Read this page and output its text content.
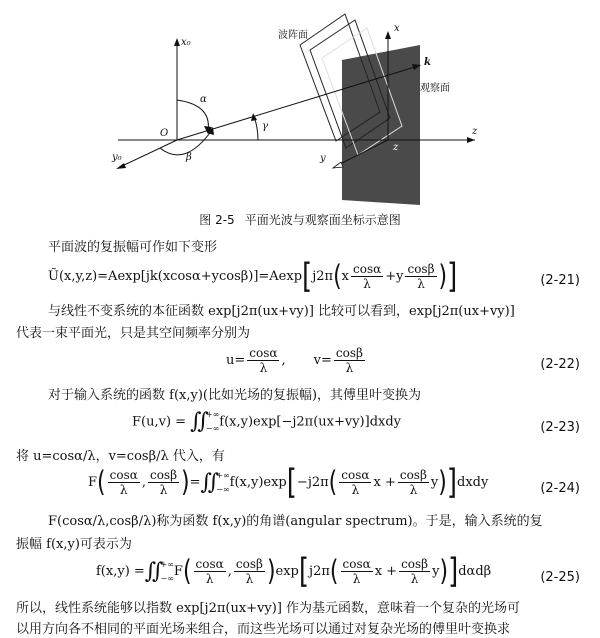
x₀
x
y₀	y
z
z
O
α
β
γ
k
波阵面
观察面
图 2-5 平面光波与观察面坐标示意图
平面波的复振幅可作如下变形
Ũ(x,y,z)=Aexp[jk(xcosα+ycosβ)]=Aexp[j2π(x $\frac{\cos\alpha}{\lambda} +y \frac{\cos\beta}{\lambda}$ )]	(2-21)
与线性不变系统的本征函数 exp[j2π(ux+vy)] 比较可以看到，exp[j2π(ux+vy)]
代表一束平面光，只是其空间频率分别为
$u= \frac{\cos\alpha}{\lambda}$ , $v= \frac{\cos\beta}{\lambda}$	(2-22)
对于输入系统的函数 f(x,y)(比如光场的复振幅)，其傅里叶变换为
F(u,v) = ∬
+∞
−∞ f(x,y)exp[−j2π(ux+vy)]dxdy	(2-23)
将 u=cosα/λ，v=cosβ/λ 代入，有
$F( \frac{\cos\alpha}{\lambda}$ , $\frac{\cos\beta}{\lambda}$ )=∬
+∞
−∞ $f(x,y)\exp[-j2\pi( \frac{\cos\alpha}{\lambda}$ $x + \frac{\cos\beta}{\lambda}$ y)]dxdy	(2-24)
F(cosα/λ,cosβ/λ)称为函数 f(x,y)的角谱(angular spectrum)。于是，输入系统的复
振幅 f(x,y)可表示为
f(x,y) =∬
+∞
−∞ $F( \frac{\cos\alpha}{\lambda}$ , $\frac{\cos\beta}{\lambda} )\exp[j2\pi( \frac{\cos\alpha}{\lambda}$ $x + \frac{\cos\beta}{\lambda} y)]d\alpha d\beta$	(2-25)
所以，线性系统能够以指数 exp[j2π(ux+vy)] 作为基元函数，意味着一个复杂的光场可
以用方向各不相同的平面光场来组合，而这些光场可以通过对复杂光场的傅里叶变换求
